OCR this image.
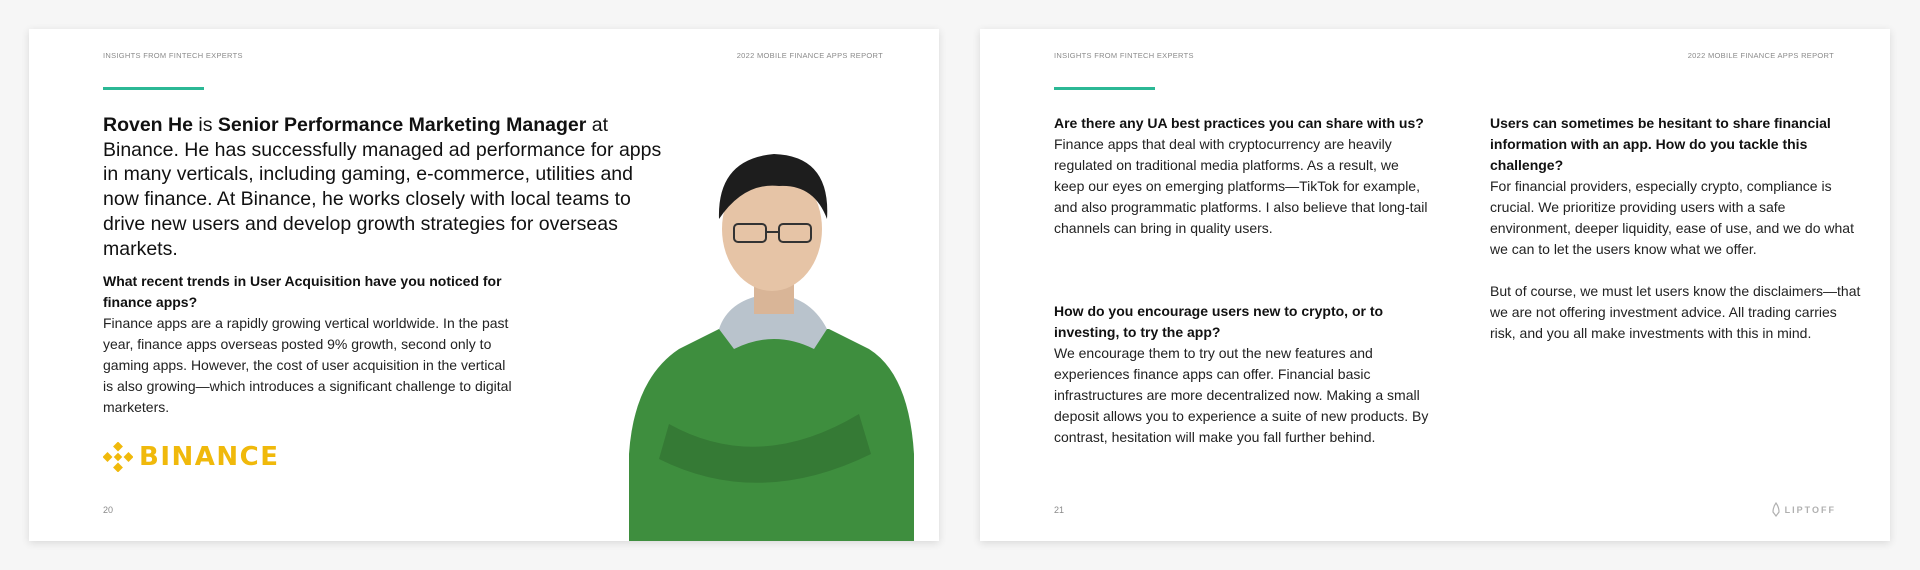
INSIGHTS FROM FINTECH EXPERTS	2022 MOBILE FINANCE APPS REPORT

Roven He is Senior Performance Marketing Manager at Binance. He has successfully managed ad performance for apps in many verticals, including gaming, e-commerce, utilities and now finance. At Binance, he works closely with local teams to drive new users and develop growth strategies for overseas markets.

What recent trends in User Acquisition have you noticed for finance apps?

Finance apps are a rapidly growing vertical worldwide. In the past year, finance apps overseas posted 9% growth, second only to gaming apps. However, the cost of user acquisition in the vertical is also growing—which introduces a significant challenge to digital marketers.

BINANCE
20
INSIGHTS FROM FINTECH EXPERTS	2022 MOBILE FINANCE APPS REPORT

Are there any UA best practices you can share with us?

Finance apps that deal with cryptocurrency are heavily regulated on traditional media platforms. As a result, we keep our eyes on emerging platforms—TikTok for example, and also programmatic platforms. I also believe that long-tail channels can bring in quality users.

How do you encourage users new to crypto, or to investing, to try the app?

We encourage them to try out the new features and experiences finance apps can offer. Financial basic infrastructures are more decentralized now. Making a small deposit allows you to experience a suite of new products. By contrast, hesitation will make you fall further behind.

Users can sometimes be hesitant to share financial information with an app. How do you tackle this challenge?

For financial providers, especially crypto, compliance is crucial. We prioritize providing users with a safe environment, deeper liquidity, ease of use, and we do what we can to let the users know what we offer.

But of course, we must let users know the disclaimers—that we are not offering investment advice. All trading carries risk, and you all make investments with this in mind.

21	LIPTOFF
